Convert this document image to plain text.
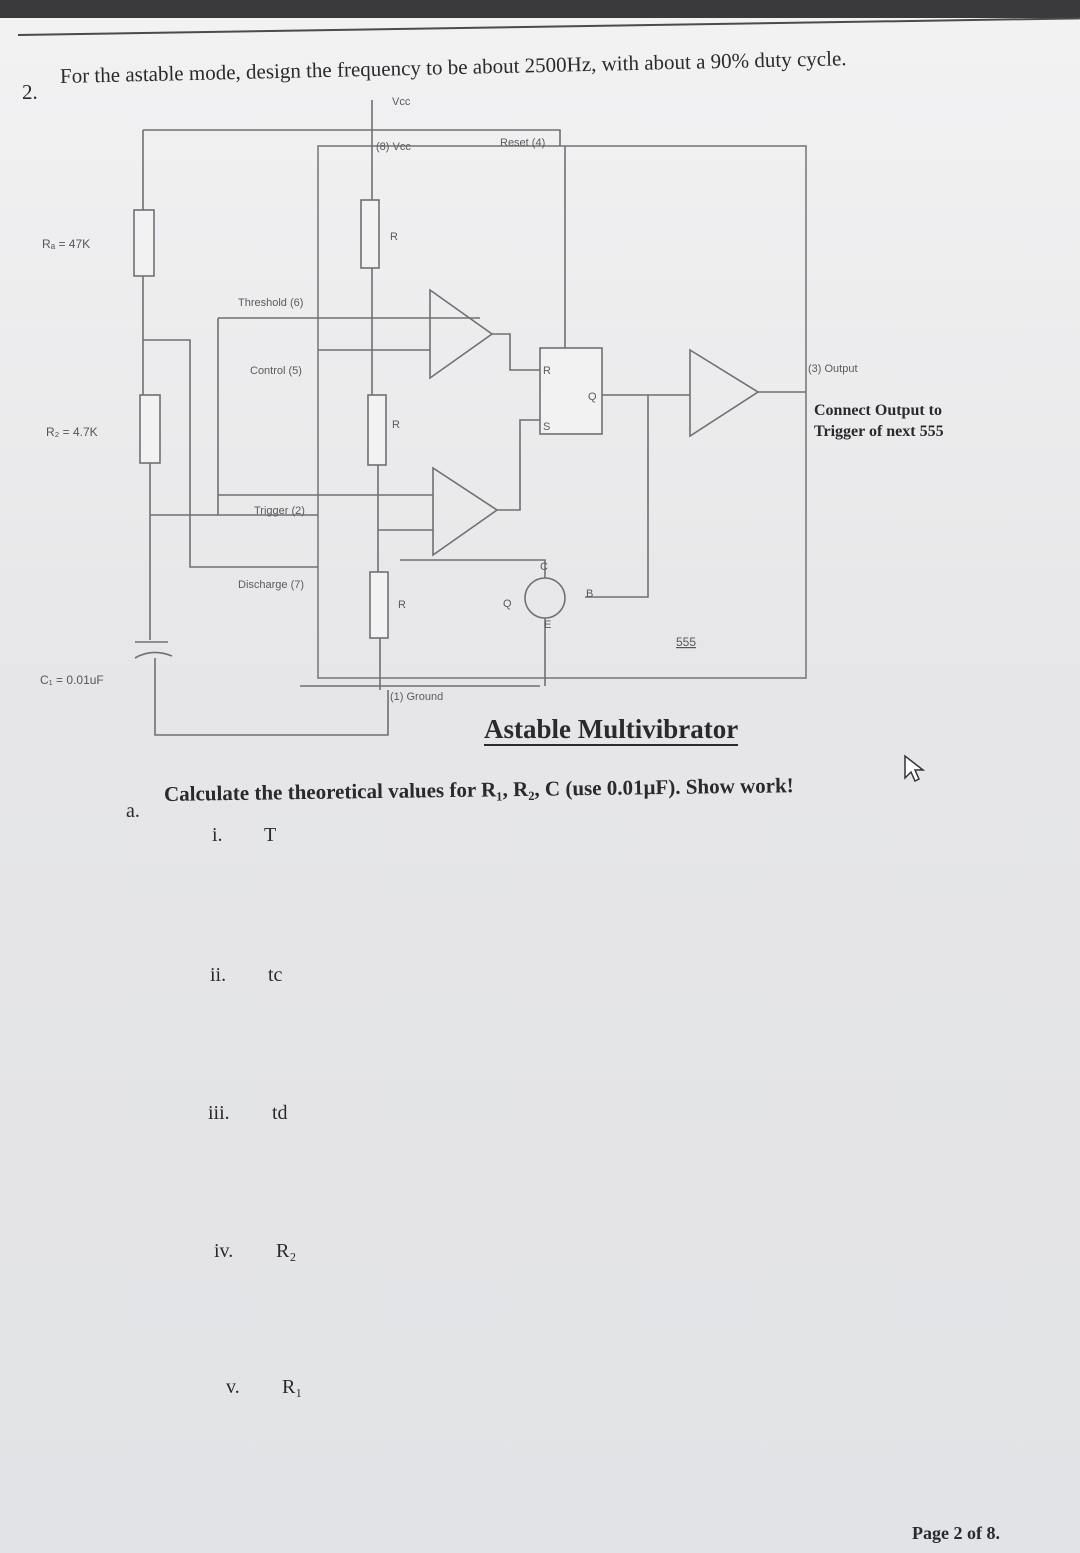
2.
For the astable mode, design the frequency to be about 2500Hz, with about a 90% duty cycle.
Vcc
(8) Vcc	Reset (4)
Rₐ = 47K
R₂ = 4.7K
C₁ = 0.01uF
Threshold (6)
Control (5)
Trigger (2)
Discharge (7)
(1) Ground
(3) Output
R
R
R
R
S
Q
Q
C
B
E
555
Connect Output to
Trigger of next 555
Astable Multivibrator
a.
Calculate the theoretical values for R₁, R₂, C (use 0.01μF). Show work!
i. T
ii. tc
iii. td
iv. R₂
v. R₁
Page 2 of 8.
